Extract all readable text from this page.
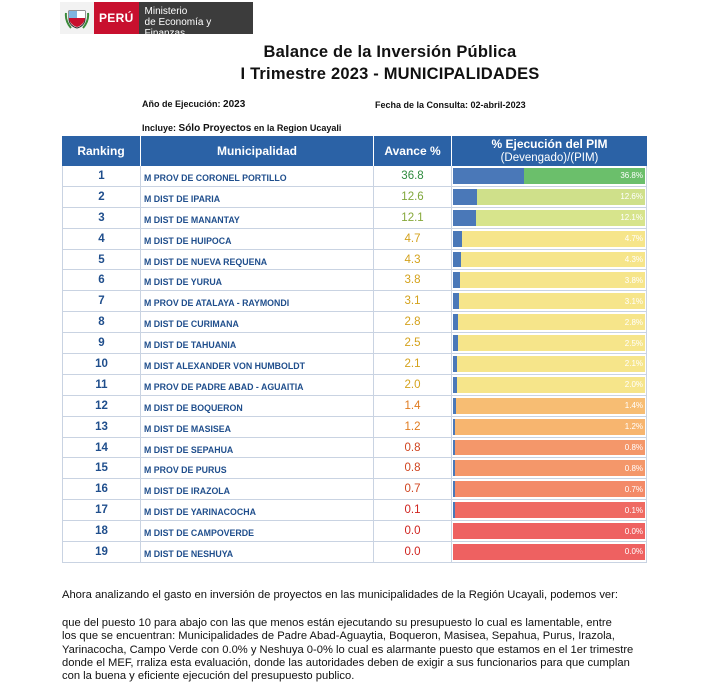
PERÚ	Ministerio
de Economía y Finanzas
Balance de la Inversión Pública
I Trimestre 2023 - MUNICIPALIDADES
Año de Ejecución: 2023	Fecha de la Consulta: 02-abril-2023
Incluye: Sólo Proyectos en la Region Ucayali
Ranking	Municipalidad	Avance %	% Ejecución del PIM
(Devengado)/(PIM)
1	M PROV DE CORONEL PORTILLO	36.8	36.8%
2	M DIST DE IPARIA	12.6	12.6%
3	M DIST DE MANANTAY	12.1	12.1%
4	M DIST DE HUIPOCA	4.7	4.7%
5	M DIST DE NUEVA REQUENA	4.3	4.3%
6	M DIST DE YURUA	3.8	3.8%
7	M PROV DE ATALAYA - RAYMONDI	3.1	3.1%
8	M DIST DE CURIMANA	2.8	2.8%
9	M DIST DE TAHUANIA	2.5	2.5%
10	M DIST ALEXANDER VON HUMBOLDT	2.1	2.1%
11	M PROV DE PADRE ABAD - AGUAITIA	2.0	2.0%
12	M DIST DE BOQUERON	1.4	1.4%
13	M DIST DE MASISEA	1.2	1.2%
14	M DIST DE SEPAHUA	0.8	0.8%
15	M PROV DE PURUS	0.8	0.8%
16	M DIST DE IRAZOLA	0.7	0.7%
17	M DIST DE YARINACOCHA	0.1	0.1%
18	M DIST DE CAMPOVERDE	0.0	0.0%
19	M DIST DE NESHUYA	0.0	0.0%
Ahora analizando el gasto en inversión de proyectos en las municipalidades de la Región Ucayali, podemos ver:
que del puesto 10 para abajo con las que menos están ejecutando su presupuesto lo cual es lamentable, entre
los que se encuentran: Municipalidades de Padre Abad-Aguaytia, Boqueron, Masisea, Sepahua, Purus, Irazola,
Yarinacocha, Campo Verde con 0.0% y Neshuya 0-0% lo cual es alarmante puesto que estamos en el 1er trimestre
donde el MEF, rraliza esta evaluación, donde las autoridades deben de exigir a sus funcionarios para que cumplan
con la buena y eficiente ejecución del presupuesto publico.
